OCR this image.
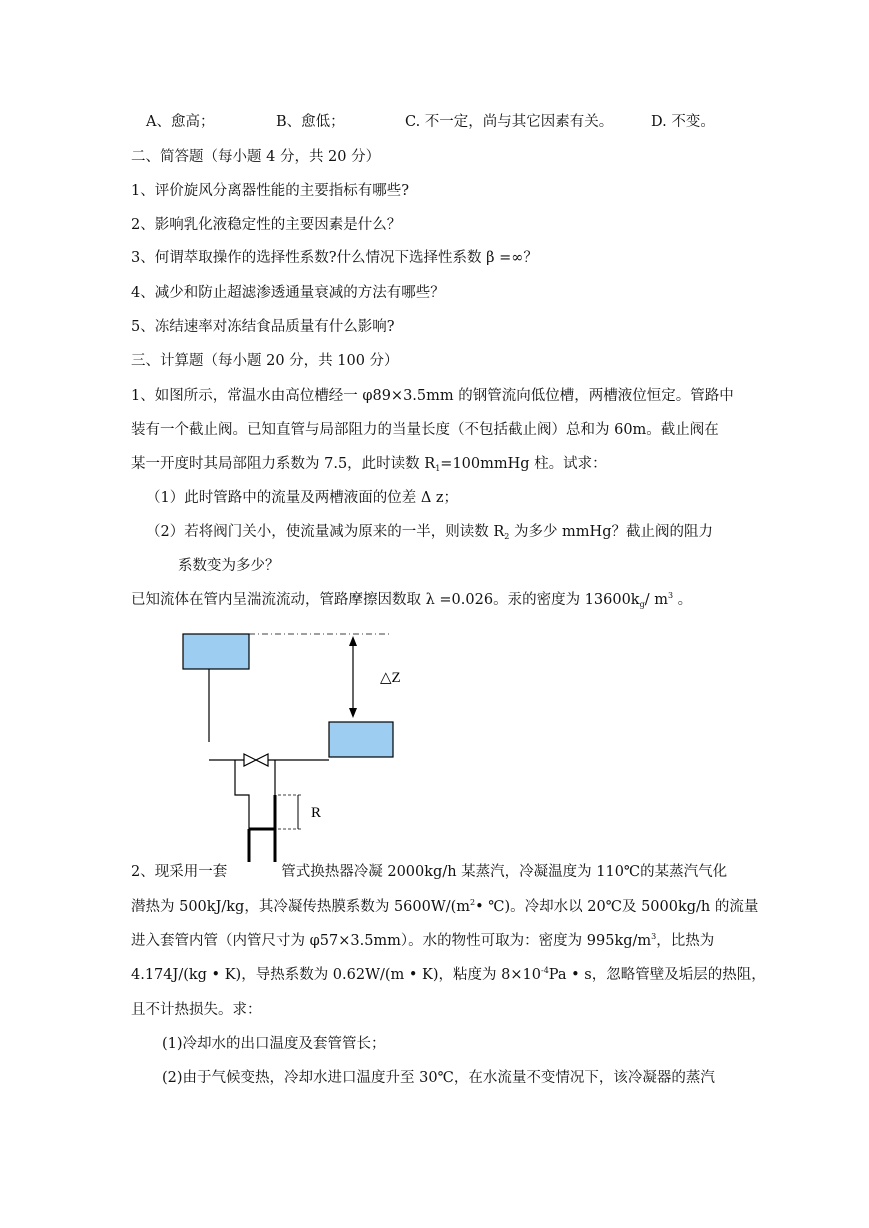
A、愈高；	B、愈低；	C. 不一定，尚与其它因素有关。	D. 不变。
二、简答题（每小题 4 分，共 20 分）
1、评价旋风分离器性能的主要指标有哪些?
2、影响乳化液稳定性的主要因素是什么？
3、何谓萃取操作的选择性系数?什么情况下选择性系数 β =∞？
4、减少和防止超滤渗透通量衰减的方法有哪些？
5、冻结速率对冻结食品质量有什么影响?
三、计算题（每小题 20 分，共 100 分）
1、如图所示，常温水由高位槽经一 φ89×3.5mm 的钢管流向低位槽，两槽液位恒定。管路中
装有一个截止阀。已知直管与局部阻力的当量长度（不包括截止阀）总和为 60m。截止阀在
某一开度时其局部阻力系数为 7.5，此时读数 $R_1=100mmHg$ 柱。试求：
（1）此时管路中的流量及两槽液面的位差 Δ z；
（2）若将阀门关小，使流量减为原来的一半，则读数 $R_2$ 为多少 mmHg？截止阀的阻力
系数变为多少？
已知流体在管内呈湍流流动，管路摩擦因数取 λ =0.026。汞的密度为 $13600k_g/$ $m^3$ 。
△Z
R
2、现采用一套	管式换热器冷凝 2000kg/h 某蒸汽，冷凝温度为 110℃的某蒸汽气化
潜热为 500kJ/kg，其冷凝传热膜系数为 $5600W/(m^2•$ ℃)。冷却水以 20℃及 5000kg/h 的流量
进入套管内管（内管尺寸为 φ57×3.5mm）。水的物性可取为：密度为 $995kg/m^3$，比热为
4.174J/(kg • K)，导热系数为 0.62W/(m • K)，粘度为 $8\times 10^{-4}Pa$ • s，忽略管壁及垢层的热阻，
且不计热损失。求：
(1)冷却水的出口温度及套管管长；
(2)由于气候变热，冷却水进口温度升至 30℃，在水流量不变情况下，该冷凝器的蒸汽
